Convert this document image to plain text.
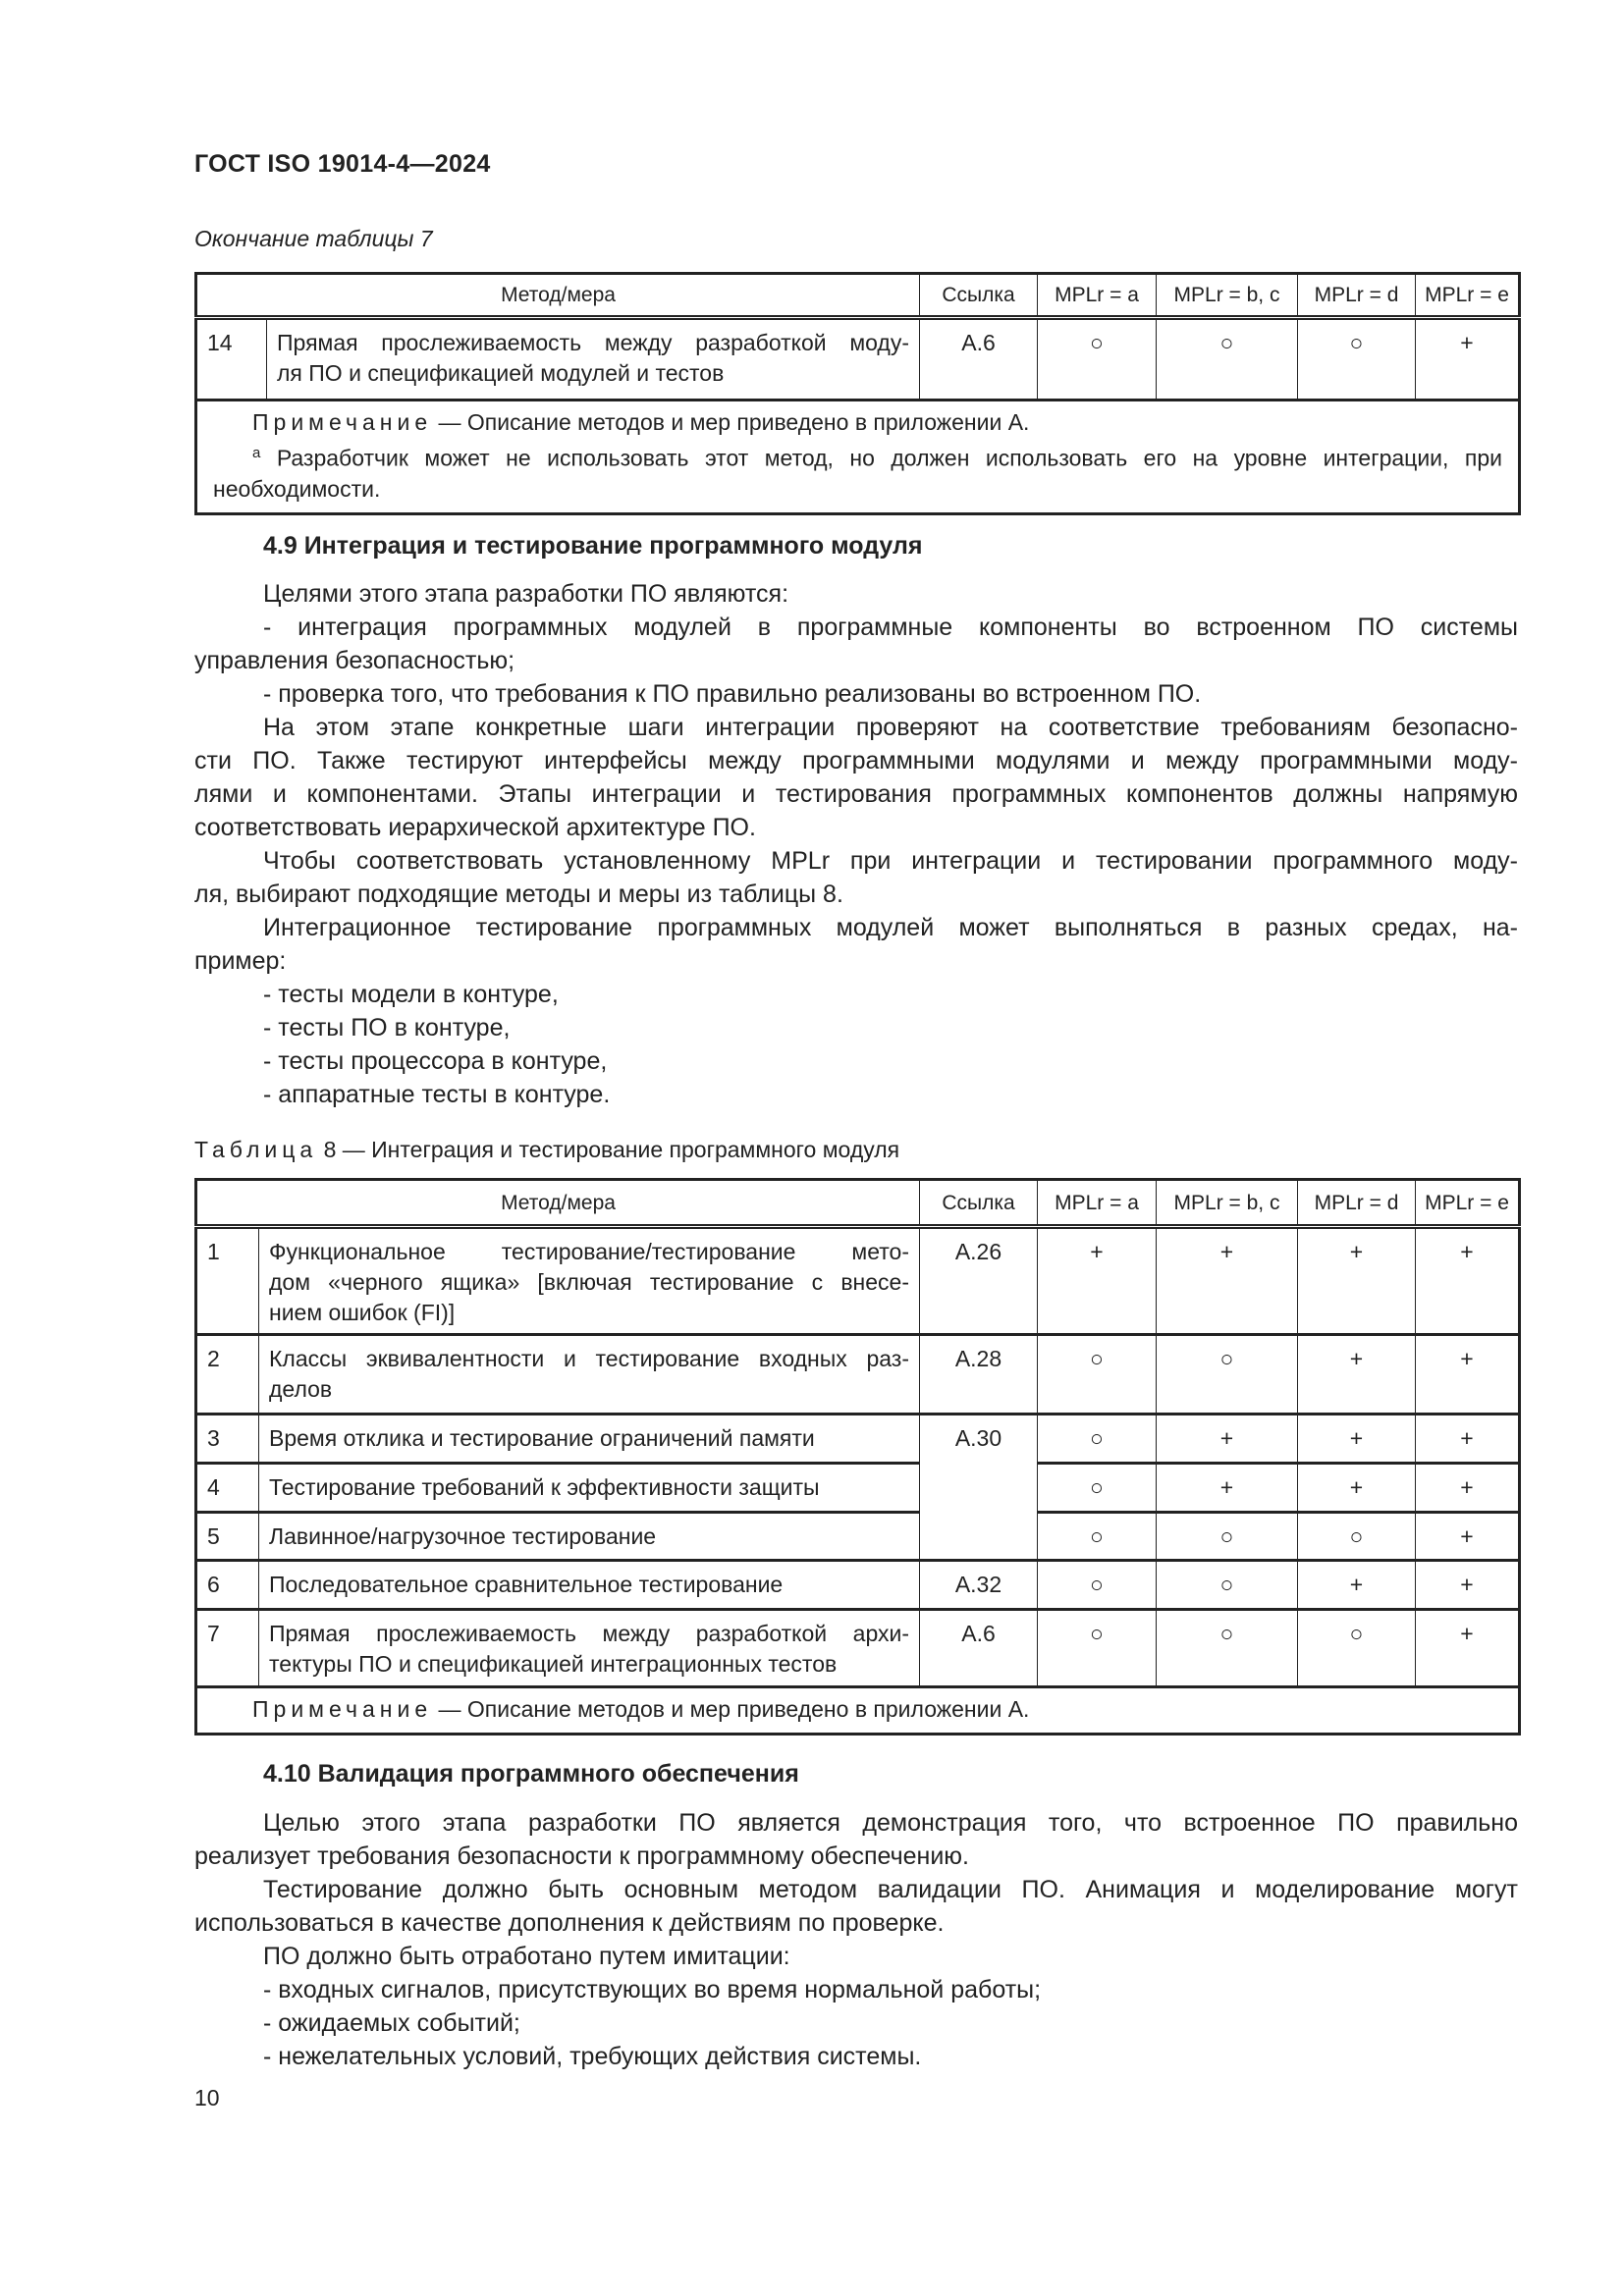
ГОСТ ISO 19014-4—2024
Окончание таблицы 7
Метод/мера		Ссылка	MPLr = a	MPLr = b, c	MPLr = d	MPLr = e
14	Прямая прослеживаемость между разработкой моду-
ля ПО и спецификацией модулей и тестов	A.6	○	○	○	+

Примечание — Описание методов и мер приведено в приложении А.
$^a$ Разработчик может не использовать этот метод, но должен использовать его на уровне интеграции, при
необходимости.						
4.9 Интеграция и тестирование программного модуля
Целями этого этапа разработки ПО являются:
- интеграция программных модулей в программные компоненты во встроенном ПО системы
управления безопасностью;
- проверка того, что требования к ПО правильно реализованы во встроенном ПО.
На этом этапе конкретные шаги интеграции проверяют на соответствие требованиям безопасно-
сти ПО. Также тестируют интерфейсы между программными модулями и между программными моду-
лями и компонентами. Этапы интеграции и тестирования программных компонентов должны напрямую
соответствовать иерархической архитектуре ПО.
Чтобы соответствовать установленному MPLr при интеграции и тестировании программного моду-
ля, выбирают подходящие методы и меры из таблицы 8.
Интеграционное тестирование программных модулей может выполняться в разных средах, на-
пример:
- тесты модели в контуре,
- тесты ПО в контуре,
- тесты процессора в контуре,
- аппаратные тесты в контуре.
Таблица 8 — Интеграция и тестирование программного модуля
Метод/мера		Ссылка	MPLr = a	MPLr = b, c	MPLr = d	MPLr = e
1	Функциональное тестирование/тестирование мето-
дом «черного ящика» [включая тестирование с внесе-
нием ошибок (FI)]	A.26	+	+	+	+
2	Классы эквивалентности и тестирование входных раз-
делов	A.28	○	○	+	+
3	Время отклика и тестирование ограничений памяти	A.30	○	+	+	+
4	Тестирование требований к эффективности защиты		○	+	+	+
5	Лавинное/нагрузочное тестирование		○	○	○	+
6	Последовательное сравнительное тестирование	A.32	○	○	+	+
7	Прямая прослеживаемость между разработкой архи-
тектуры ПО и спецификацией интеграционных тестов	A.6	○	○	○	+

Примечание — Описание методов и мер приведено в приложении А.						
4.10 Валидация программного обеспечения
Целью этого этапа разработки ПО является демонстрация того, что встроенное ПО правильно
реализует требования безопасности к программному обеспечению.
Тестирование должно быть основным методом валидации ПО. Анимация и моделирование могут
использоваться в качестве дополнения к действиям по проверке.
ПО должно быть отработано путем имитации:
- входных сигналов, присутствующих во время нормальной работы;
- ожидаемых событий;
- нежелательных условий, требующих действия системы.
10
